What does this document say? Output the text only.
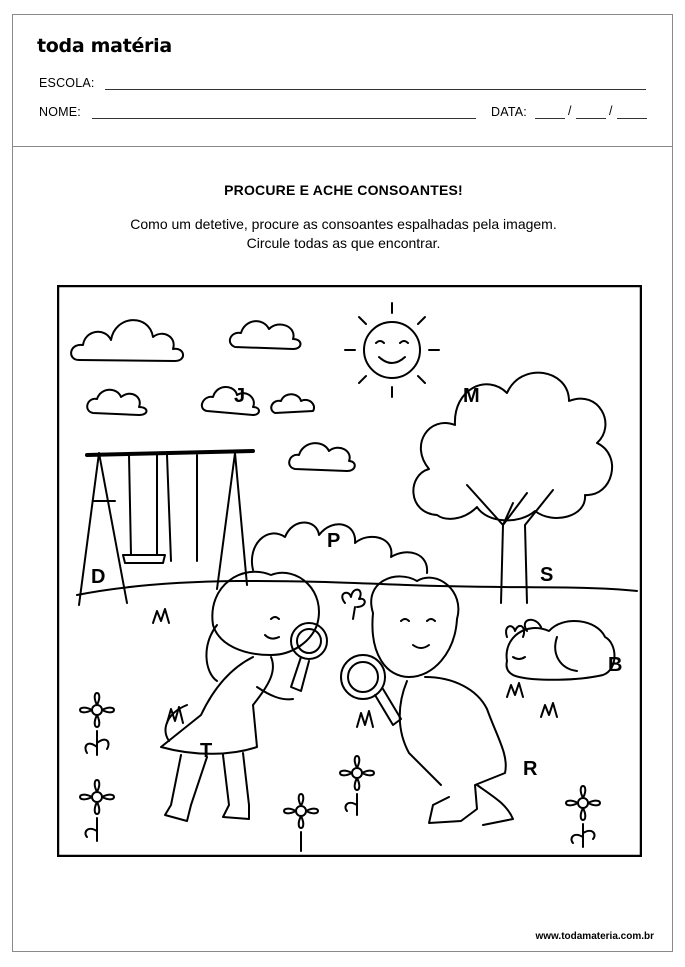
toda matéria
ESCOLA:
NOME:	DATA:	/	/
PROCURE E ACHE CONSOANTES!
Como um detetive, procure as consoantes espalhadas pela imagem.
Circule todas as que encontrar.
J	M
P
D	S
B
T
R
www.todamateria.com.br
